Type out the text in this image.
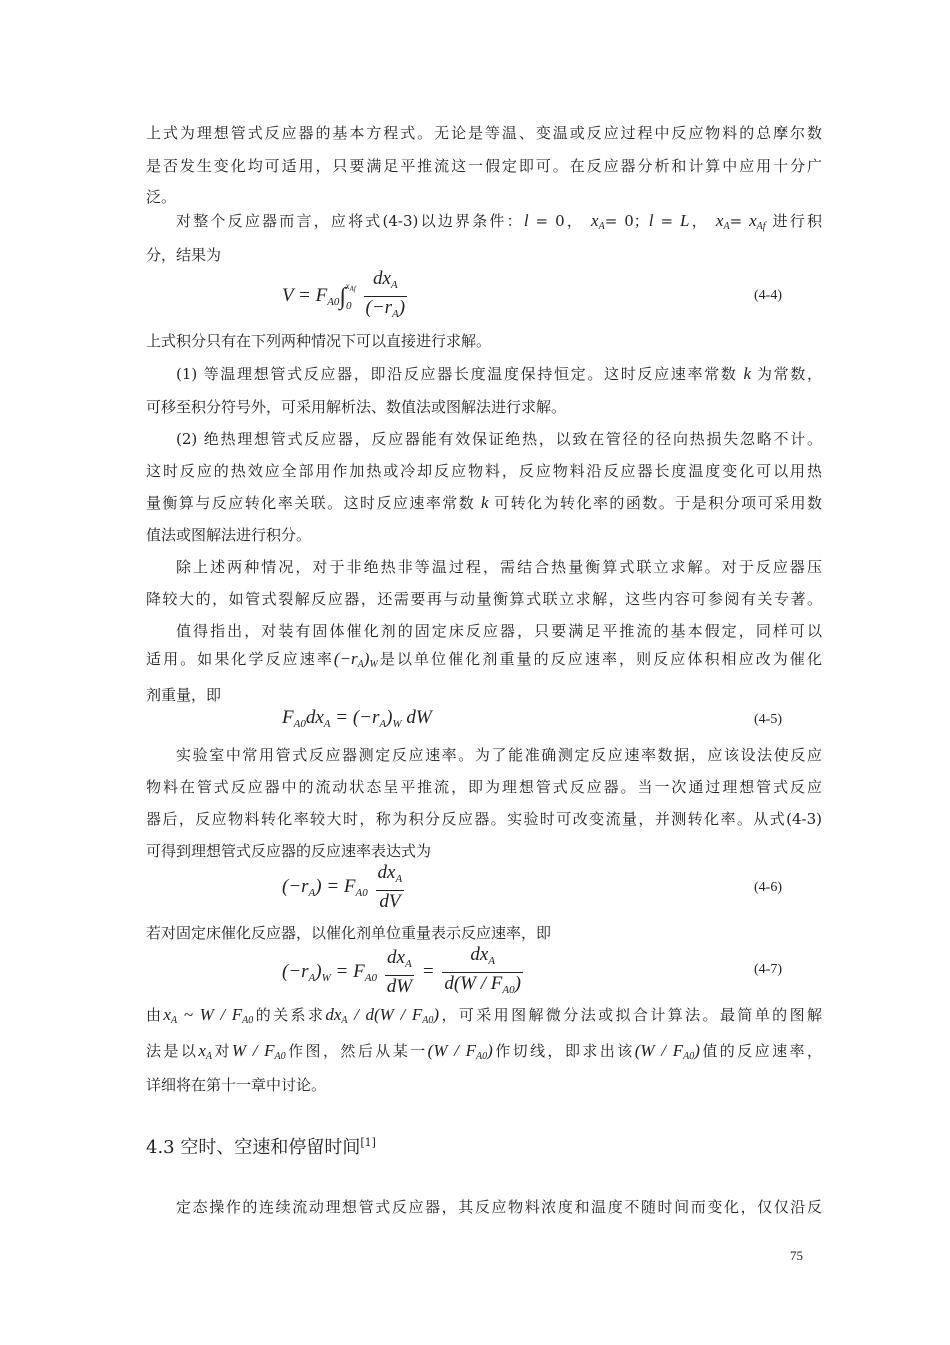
上式为理想管式反应器的基本方程式。无论是等温、变温或反应过程中反应物料的总摩尔数
是否发生变化均可适用，只要满足平推流这一假定即可。在反应器分析和计算中应用十分广
泛。
对整个反应器而言，应将式(4-3)以边界条件：l = 0， $x_A= 0$；l = L， $x_A= x_{Af}$ 进行积
分，结果为
$V = F_{A0}\int_0^{x_{Af}} \frac{dx_A}{(-r_A)}$	(4-4)
上式积分只有在下列两种情况下可以直接进行求解。
(1) 等温理想管式反应器，即沿反应器长度温度保持恒定。这时反应速率常数 k 为常数，
可移至积分符号外，可采用解析法、数值法或图解法进行求解。
(2) 绝热理想管式反应器，反应器能有效保证绝热，以致在管径的径向热损失忽略不计。
这时反应的热效应全部用作加热或冷却反应物料，反应物料沿反应器长度温度变化可以用热
量衡算与反应转化率关联。这时反应速率常数 k 可转化为转化率的函数。于是积分项可采用数
值法或图解法进行积分。
除上述两种情况，对于非绝热非等温过程，需结合热量衡算式联立求解。对于反应器压
降较大的，如管式裂解反应器，还需要再与动量衡算式联立求解，这些内容可参阅有关专著。
值得指出，对装有固体催化剂的固定床反应器，只要满足平推流的基本假定，同样可以
适用。如果化学反应速率$(-r_A)_W$是以单位催化剂重量的反应速率，则反应体积相应改为催化
剂重量，即
$F_{A0}dx_A = (-r_A)_W$ dW	(4-5)
实验室中常用管式反应器测定反应速率。为了能准确测定反应速率数据，应该设法使反应
物料在管式反应器中的流动状态呈平推流，即为理想管式反应器。当一次通过理想管式反应
器后，反应物料转化率较大时，称为积分反应器。实验时可改变流量，并测转化率。从式(4-3)
可得到理想管式反应器的反应速率表达式为
$(-r_A) = F_{A0} \frac{dx_A}{dV}$	(4-6)
若对固定床催化反应器，以催化剂单位重量表示反应速率，即
$(-r_A)_W = F_{A0} \frac{dx_A}{dW} = \frac{dx_A}{d(W / F_{A0})}$	(4-7)
由$x_A$ ~ W / $F_{A0}$的关系求$dx_A / d(W / F_{A0})$，可采用图解微分法或拟合计算法。最简单的图解
法是以$x_A$对W / $F_{A0}$作图，然后从某一$(W / F_{A0})$作切线，即求出该$(W / F_{A0})$值的反应速率，
详细将在第十一章中讨论。
4.3 空时、空速和停留时间[1]
定态操作的连续流动理想管式反应器，其反应物料浓度和温度不随时间而变化，仅仅沿反
75
